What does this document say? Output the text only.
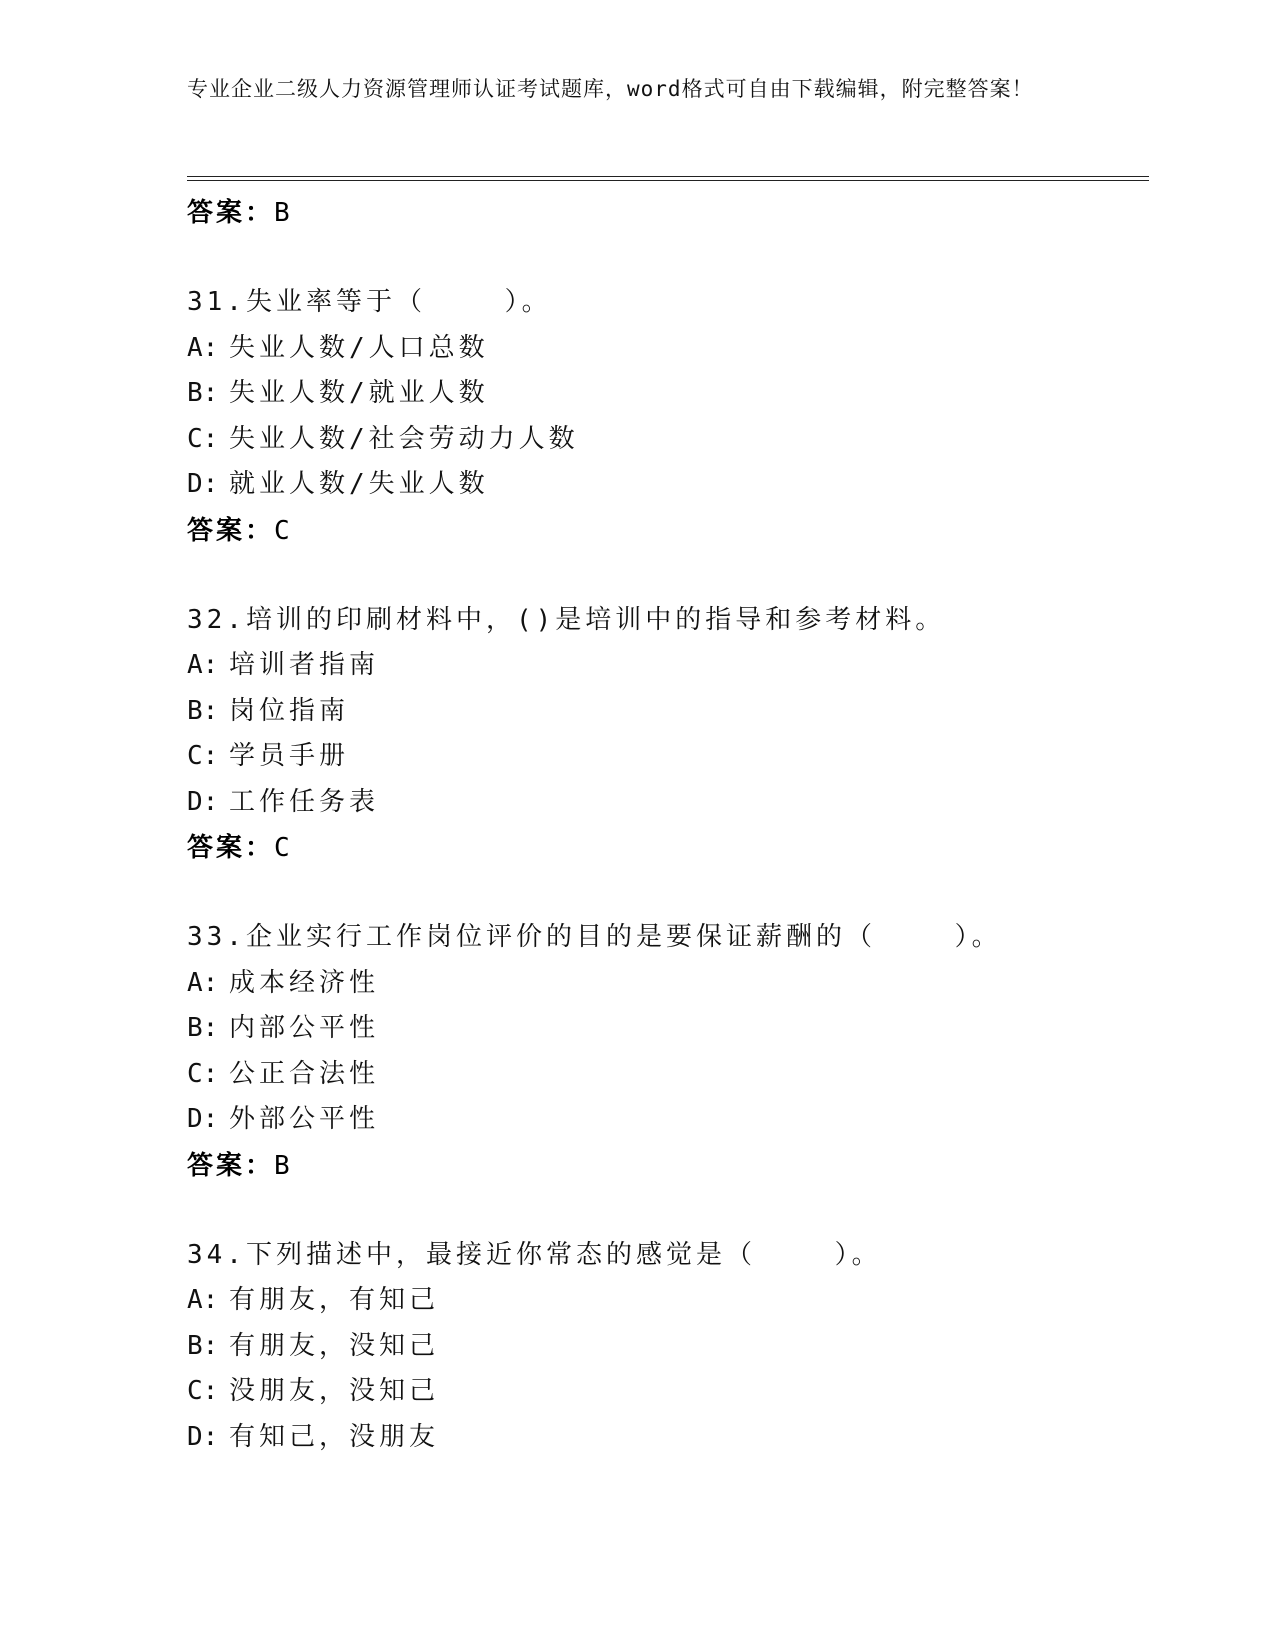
专业企业二级人力资源管理师认证考试题库，word格式可自由下载编辑，附完整答案！
答案：B
31.失业率等于（    ）。
A: 失业人数/人口总数
B: 失业人数/就业人数
C: 失业人数/社会劳动力人数
D: 就业人数/失业人数
答案：C
32.培训的印刷材料中，()是培训中的指导和参考材料。
A: 培训者指南
B: 岗位指南
C: 学员手册
D: 工作任务表
答案：C
33.企业实行工作岗位评价的目的是要保证薪酬的（    ）。
A: 成本经济性
B: 内部公平性
C: 公正合法性
D: 外部公平性
答案：B
34.下列描述中，最接近你常态的感觉是（    ）。
A: 有朋友，有知己
B: 有朋友，没知己
C: 没朋友，没知己
D: 有知己，没朋友
